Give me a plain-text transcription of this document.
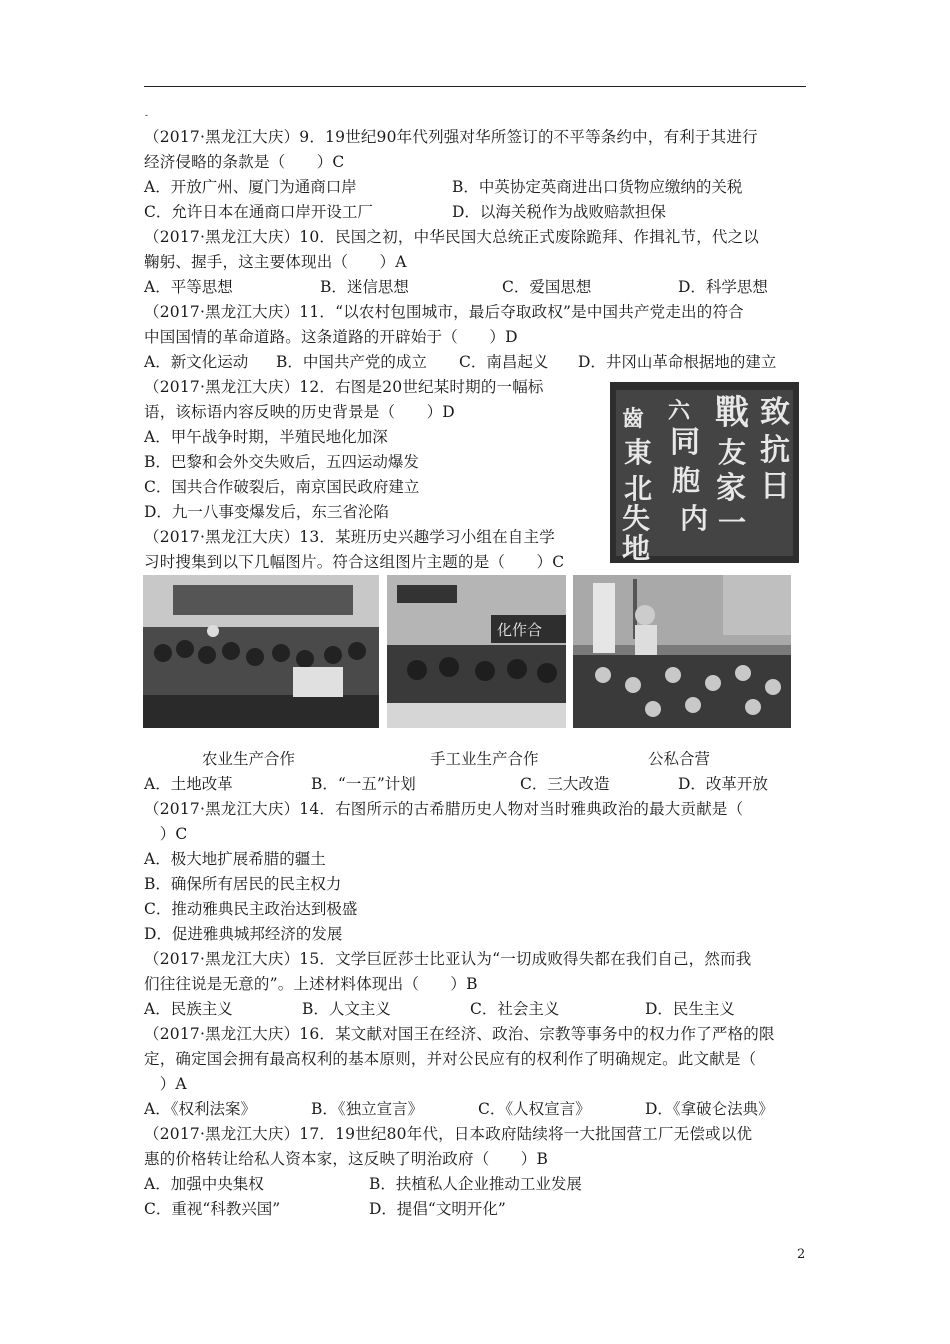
-
（2017·黑龙江大庆）9．19世纪90年代列强对华所签订的不平等条约中，有利于其进行
经济侵略的条款是（　　）C
A．开放广州、厦门为通商口岸	B．中英协定英商进出口货物应缴纳的关税
C．允许日本在通商口岸开设工厂	D．以海关税作为战败赔款担保
（2017·黑龙江大庆）10．民国之初，中华民国大总统正式废除跪拜、作揖礼节，代之以
鞠躬、握手，这主要体现出（　　）A
A．平等思想	B．迷信思想	C．爱国思想	D．科学思想
（2017·黑龙江大庆）11．“以农村包围城市，最后夺取政权”是中国共产党走出的符合
中国国情的革命道路。这条道路的开辟始于（　　）D
A．新文化运动 B．中国共产党的成立 C．南昌起义 D．井冈山革命根据地的建立
（2017·黑龙江大庆）12．右图是20世纪某时期的一幅标
语，该标语内容反映的历史背景是（　　）D
A．甲午战争时期，半殖民地化加深
B．巴黎和会外交失败后，五四运动爆发
C．国共合作破裂后，南京国民政府建立
D．九一八事变爆发后，东三省沦陷
致
抗
日
戰
友
家
一
同
胞
内
齒
東
北
失
地
六
（2017·黑龙江大庆）13．某班历史兴趣学习小组在自主学
习时搜集到以下几幅图片。符合这组图片主题的是（　　）C
化作合
农业生产合作	手工业生产合作	公私合营
A．土地改革	B．“一五”计划	C．三大改造	D．改革开放
（2017·黑龙江大庆）14．右图所示的古希腊历史人物对当时雅典政治的最大贡献是（
　）C
A．极大地扩展希腊的疆土
B．确保所有居民的民主权力
C．推动雅典民主政治达到极盛
D．促进雅典城邦经济的发展
（2017·黑龙江大庆）15．文学巨匠莎士比亚认为“一切成败得失都在我们自己，然而我
们往往说是无意的”。上述材料体现出（　　）B
A．民族主义	B．人文主义	C．社会主义	D．民生主义
（2017·黑龙江大庆）16．某文献对国王在经济、政治、宗教等事务中的权力作了严格的限
定，确定国会拥有最高权利的基本原则，并对公民应有的权利作了明确规定。此文献是（
　）A
A．《权利法案》	B．《独立宣言》	C．《人权宣言》	D．《拿破仑法典》
（2017·黑龙江大庆）17．19世纪80年代，日本政府陆续将一大批国营工厂无偿或以优
惠的价格转让给私人资本家，这反映了明治政府（　　）B
A．加强中央集权	B．扶植私人企业推动工业发展
C．重视“科教兴国”	D．提倡“文明开化”
2
